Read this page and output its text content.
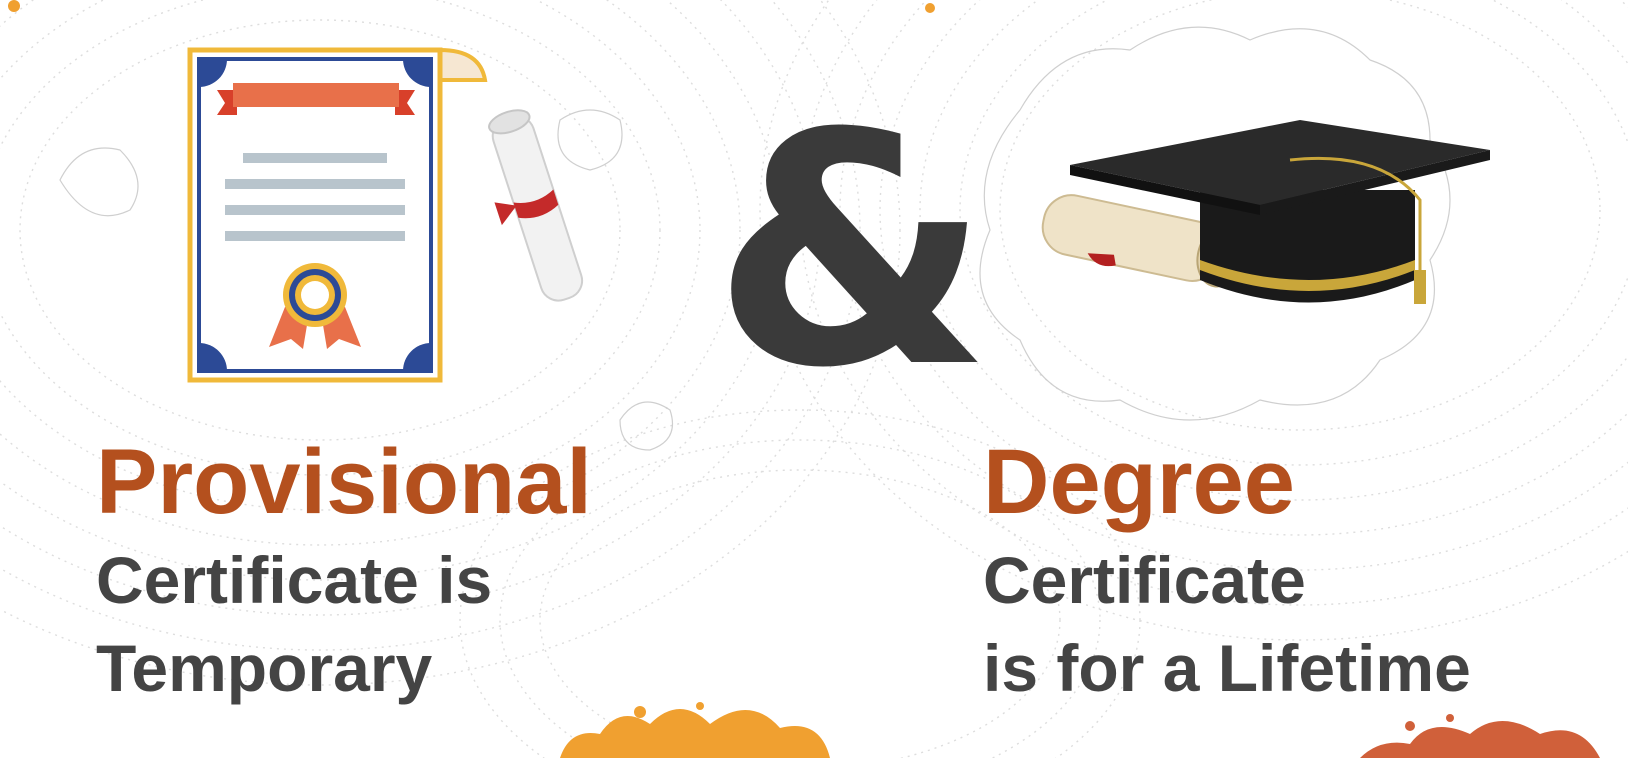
&
Provisional
Certificate is
Temporary
Degree
Certificate
is for a Lifetime
